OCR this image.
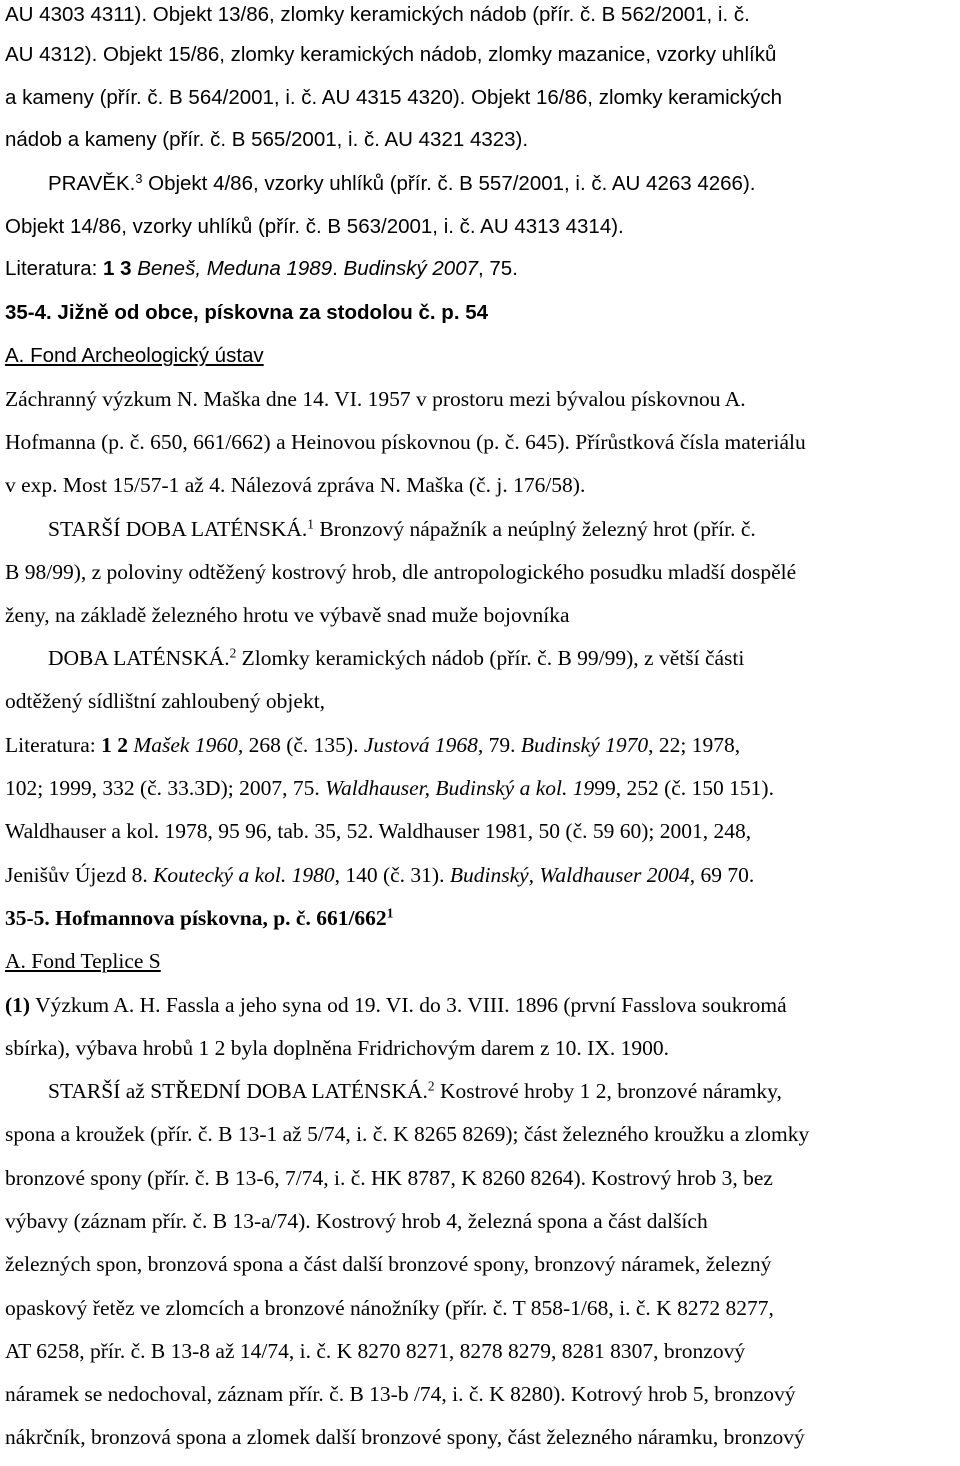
AU 4303 4311). Objekt 13/86, zlomky keramických nádob (přír. č. B 562/2001, i. č.
AU 4312). Objekt 15/86, zlomky keramických nádob, zlomky mazanice, vzorky uhlíků
a kameny (přír. č. B 564/2001, i. č. AU 4315 4320). Objekt 16/86, zlomky keramických
nádob a kameny (přír. č. B 565/2001, i. č. AU 4321 4323).
PRAVĚK.$^3$ Objekt 4/86, vzorky uhlíků (přír. č. B 557/2001, i. č. AU 4263 4266).
Objekt 14/86, vzorky uhlíků (přír. č. B 563/2001, i. č. AU 4313 4314).
Literatura: 1 3 Beneš, Meduna 1989. Budinský 2007, 75.
35-4. Jižně od obce, pískovna za stodolou č. p. 54
A. Fond Archeologický ústav
Záchranný výzkum N. Maška dne 14. VI. 1957 v prostoru mezi bývalou pískovnou A.
Hofmanna (p. č. 650, 661/662) a Heinovou pískovnou (p. č. 645). Přírůstková čísla materiálu
v exp. Most 15/57-1 až 4. Nálezová zpráva N. Maška (č. j. 176/58).
STARŠÍ DOBA LATÉNSKÁ.$^1$ Bronzový nápažník a neúplný železný hrot (přír. č.
B 98/99), z poloviny odtěžený kostrový hrob, dle antropologického posudku mladší dospělé
ženy, na základě železného hrotu ve výbavě snad muže bojovníka
DOBA LATÉNSKÁ.$^2$ Zlomky keramických nádob (přír. č. B 99/99), z větší části
odtěžený sídlištní zahloubený objekt,
Literatura: 1 2 Mašek 1960, 268 (č. 135). Justová 1968, 79. Budinský 1970, 22; 1978,
102; 1999, 332 (č. 33.3D); 2007, 75. Waldhauser, Budinský a kol. 1999, 252 (č. 150 151).
Waldhauser a kol. 1978, 95 96, tab. 35, 52. Waldhauser 1981, 50 (č. 59 60); 2001, 248,
Jenišův Újezd 8. Koutecký a kol. 1980, 140 (č. 31). Budinský, Waldhauser 2004, 69 70.
35-5. Hofmannova pískovna, p. č. $661/662^1$
A. Fond Teplice S
(1) Výzkum A. H. Fassla a jeho syna od 19. VI. do 3. VIII. 1896 (první Fasslova soukromá
sbírka), výbava hrobů 1 2 byla doplněna Fridrichovým darem z 10. IX. 1900.
STARŠÍ až STŘEDNÍ DOBA LATÉNSKÁ.$^2$ Kostrové hroby 1 2, bronzové náramky,
spona a kroužek (přír. č. B 13-1 až 5/74, i. č. K 8265 8269); část železného kroužku a zlomky
bronzové spony (přír. č. B 13-6, 7/74, i. č. HK 8787, K 8260 8264). Kostrový hrob 3, bez
výbavy (záznam přír. č. B 13-a/74). Kostrový hrob 4, železná spona a část dalších
železných spon, bronzová spona a část další bronzové spony, bronzový náramek, železný
opaskový řetěz ve zlomcích a bronzové nánožníky (přír. č. T 858-1/68, i. č. K 8272 8277,
AT 6258, přír. č. B 13-8 až 14/74, i. č. K 8270 8271, 8278 8279, 8281 8307, bronzový
náramek se nedochoval, záznam přír. č. B 13-b /74, i. č. K 8280). Kotrový hrob 5, bronzový
nákrčník, bronzová spona a zlomek další bronzové spony, část železného náramku, bronzový
